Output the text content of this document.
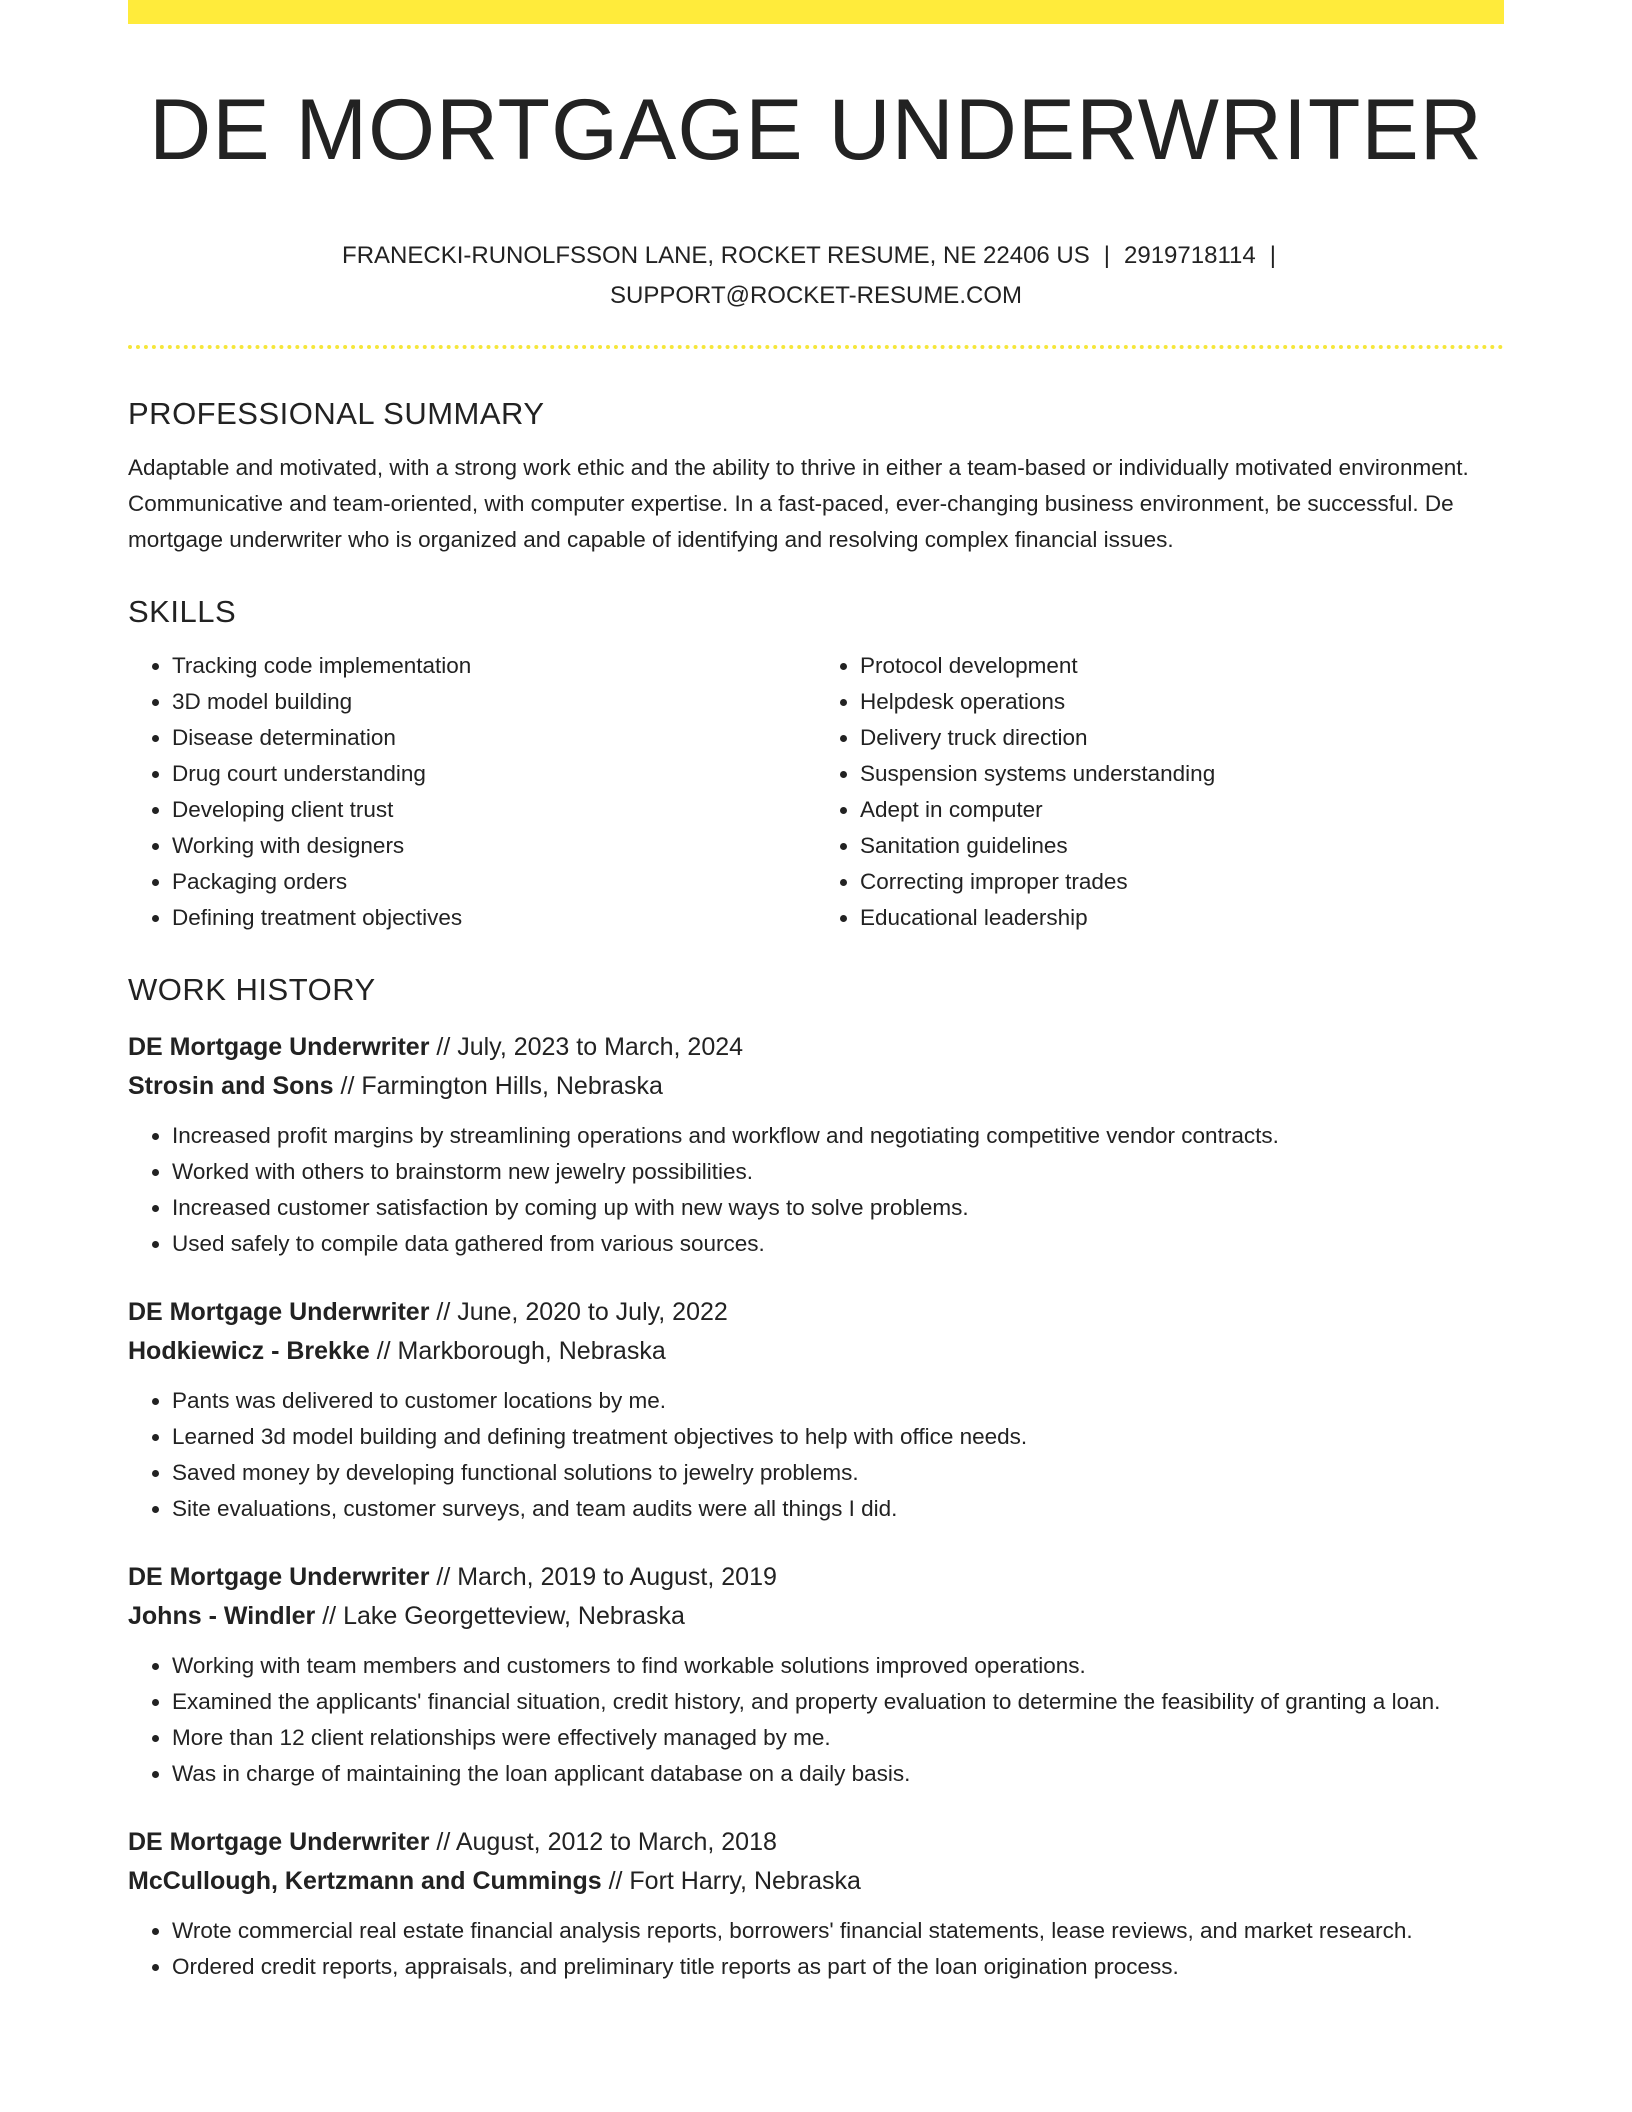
DE MORTGAGE UNDERWRITER
FRANECKI-RUNOLFSSON LANE, ROCKET RESUME, NE 22406 US | 2919718114 |
SUPPORT@ROCKET-RESUME.COM
PROFESSIONAL SUMMARY

Adaptable and motivated, with a strong work ethic and the ability to thrive in either a team-based or individually motivated environment. Communicative and team-oriented, with computer expertise. In a fast-paced, ever-changing business environment, be successful. De mortgage underwriter who is organized and capable of identifying and resolving complex financial issues.

SKILLS
• Tracking code implementation
• 3D model building
• Disease determination
• Drug court understanding
• Developing client trust
• Working with designers
• Packaging orders
• Defining treatment objectives
• Protocol development
• Helpdesk operations
• Delivery truck direction
• Suspension systems understanding
• Adept in computer
• Sanitation guidelines
• Correcting improper trades
• Educational leadership
WORK HISTORY
DE Mortgage Underwriter // July, 2023 to March, 2024
Strosin and Sons // Farmington Hills, Nebraska
• Increased profit margins by streamlining operations and workflow and negotiating competitive vendor contracts.
• Worked with others to brainstorm new jewelry possibilities.
• Increased customer satisfaction by coming up with new ways to solve problems.
• Used safely to compile data gathered from various sources.
DE Mortgage Underwriter // June, 2020 to July, 2022
Hodkiewicz - Brekke // Markborough, Nebraska
• Pants was delivered to customer locations by me.
• Learned 3d model building and defining treatment objectives to help with office needs.
• Saved money by developing functional solutions to jewelry problems.
• Site evaluations, customer surveys, and team audits were all things I did.
DE Mortgage Underwriter // March, 2019 to August, 2019
Johns - Windler // Lake Georgetteview, Nebraska
• Working with team members and customers to find workable solutions improved operations.
• Examined the applicants' financial situation, credit history, and property evaluation to determine the feasibility of granting a loan.
• More than 12 client relationships were effectively managed by me.
• Was in charge of maintaining the loan applicant database on a daily basis.
DE Mortgage Underwriter // August, 2012 to March, 2018
McCullough, Kertzmann and Cummings // Fort Harry, Nebraska
• Wrote commercial real estate financial analysis reports, borrowers' financial statements, lease reviews, and market research.
• Ordered credit reports, appraisals, and preliminary title reports as part of the loan origination process.
